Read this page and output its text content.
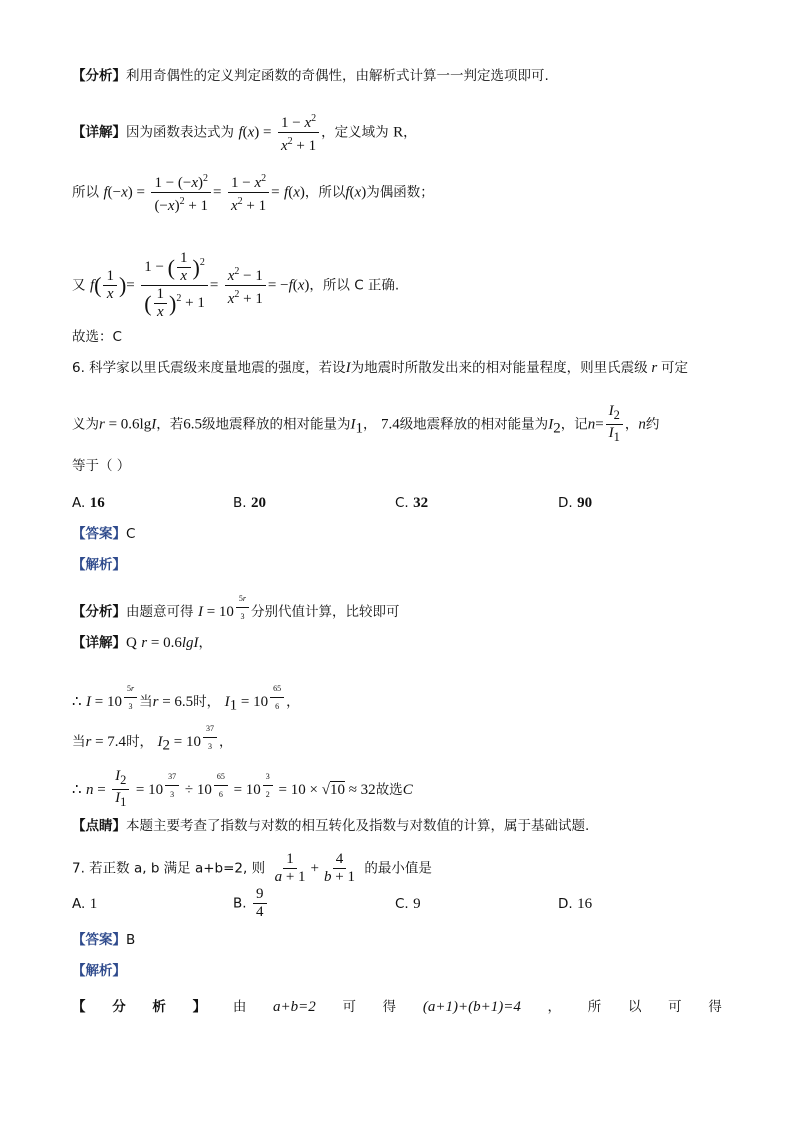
【分析】利用奇偶性的定义判定函数的奇偶性，由解析式计算一一判定选项即可.
【详解】因为函数表达式为 $f(x) = \frac{1 - x^2}{x^2 + 1}$ ，定义域为 R，
所以 $f(-x) = \frac{1 - (-x)^2}{(-x)^2 + 1} = \frac{1 - x^2}{x^2 + 1} = f(x)$，所以f(x)为偶函数；
又 $f( \frac{1}{x}$ )= $\frac{1 - ( \frac{1}{x} )^2}{( \frac{1}{x} )^2 + 1} = \frac{x^2 - 1}{x^2 + 1} = -f(x)$，所以 C 正确.
故选：C
6. 科学家以里氏震级来度量地震的强度，若设I为地震时所散发出来的相对能量程度，则里氏震级 r 可定
义为r = 0.6lgI，若6.5级地震释放的相对能量为$I_1$， 7.4级地震释放的相对能量为$I_2$，记$n= \frac{I_2}{I_1}$ ，n约
等于（ ）
A. 16	B. 20	C. 32	D. 90
【答案】C
【解析】
【分析】由题意可得 I = 10 $^{\frac{5r}{3}}$ 分别代值计算，比较即可
【详解】Q r = 0.6lgI，
∴ I = 10 $^{\frac{5r}{3}}$ 当r = 6.5时， $I_1 = 10$ $^{\frac{65}{6}}$ ，
当r = 7.4时， $I_2 = 10$ $^{\frac{37}{3}}$ ，
∴ $n = \frac{I_2}{I_1} = 10$ $^{\frac{37}{3}}$ ÷ 10 $^{\frac{65}{6}}$ = 10 $^{\frac{3}{2}}$ = 10 × √10 ≈ 32故选C
【点睛】本题主要考查了指数与对数的相互转化及指数与对数值的计算，属于基础试题.
7. 若正数 a, b 满足 a+b=2, 则 $\frac{1}{a + 1} + \frac{4}{b + 1}$ 的最小值是
A. 1	B. $\frac{9}{4}$	C. 9	D. 16
【答案】B
【解析】
【 分 析 】 由 a+b=2 可 得 (a+1)+(b+1)=4 ， 所 以 可 得
